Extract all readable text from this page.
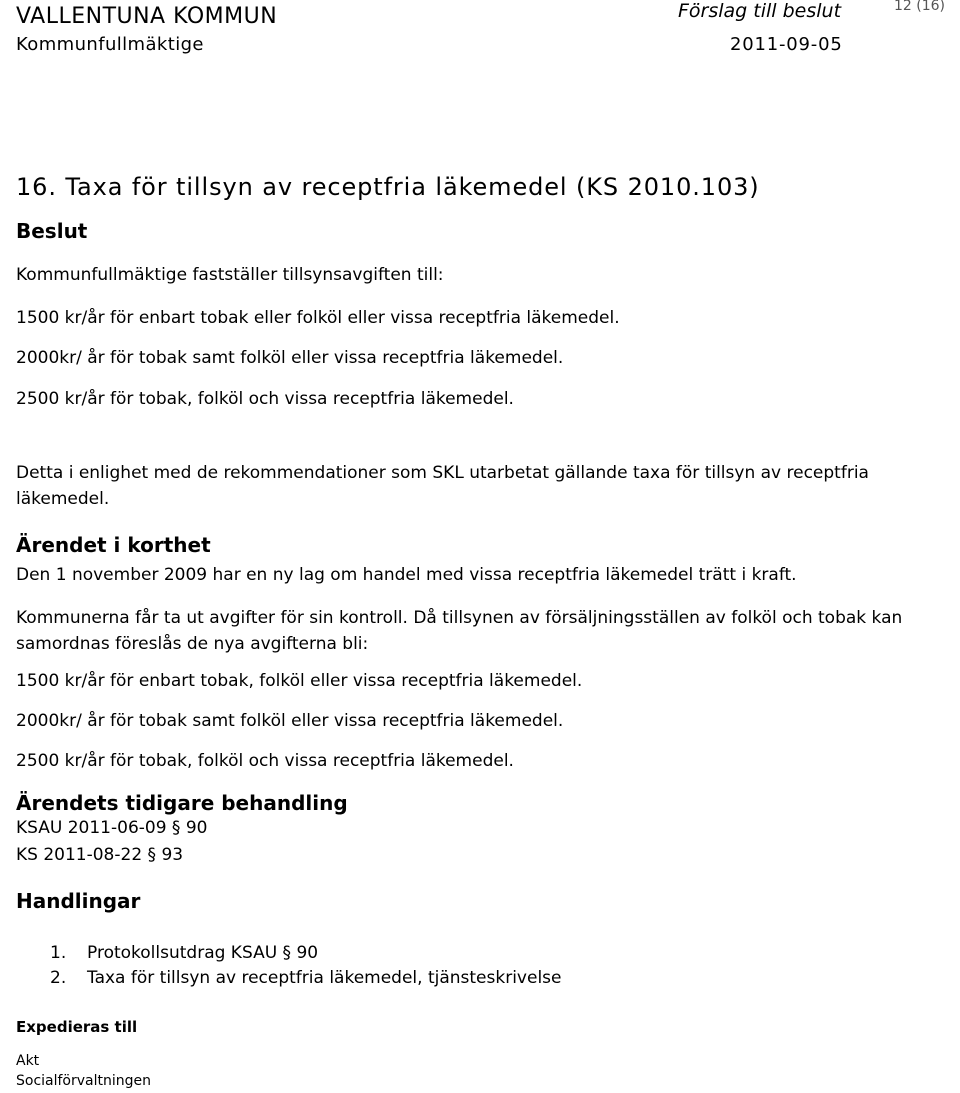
VALLENTUNA KOMMUN
Kommunfullmäktige
Förslag till beslut	12 (16)
2011-09-05
16. Taxa för tillsyn av receptfria läkemedel (KS 2010.103)
Beslut
Kommunfullmäktige fastställer tillsynsavgiften till:
1500 kr/år för enbart tobak eller folköl eller vissa receptfria läkemedel.
2000kr/ år för tobak samt folköl eller vissa receptfria läkemedel.
2500 kr/år för tobak, folköl och vissa receptfria läkemedel.
Detta i enlighet med de rekommendationer som SKL utarbetat gällande taxa för tillsyn av receptfria läkemedel.
Ärendet i korthet
Den 1 november 2009 har en ny lag om handel med vissa receptfria läkemedel trätt i kraft.
Kommunerna får ta ut avgifter för sin kontroll. Då tillsynen av försäljningsställen av folköl och tobak kan samordnas föreslås de nya avgifterna bli:
1500 kr/år för enbart tobak, folköl eller vissa receptfria läkemedel.
2000kr/ år för tobak samt folköl eller vissa receptfria läkemedel.
2500 kr/år för tobak, folköl och vissa receptfria läkemedel.
Ärendets tidigare behandling
KSAU 2011-06-09 § 90
KS 2011-08-22 § 93
Handlingar
1. Protokollsutdrag KSAU § 90
2. Taxa för tillsyn av receptfria läkemedel, tjänsteskrivelse
Expedieras till
Akt
Socialförvaltningen
